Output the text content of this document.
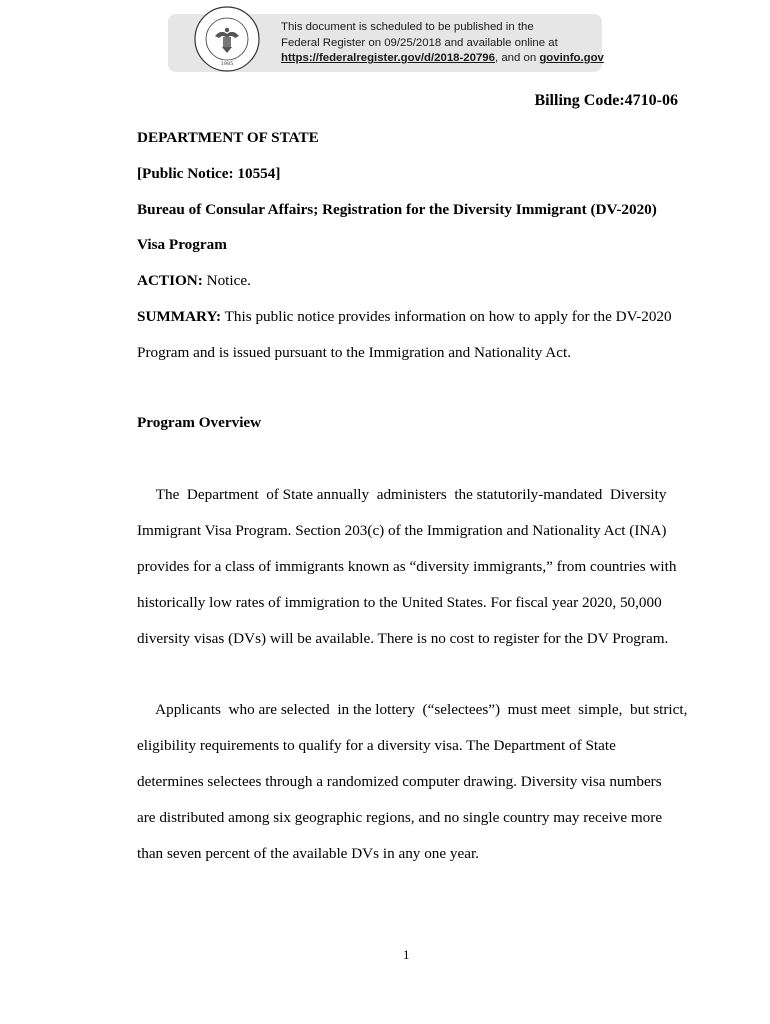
1985
This document is scheduled to be published in the
Federal Register on 09/25/2018 and available online at
https://federalregister.gov/d/2018-20796, and on govinfo.gov
Billing Code:4710-06
DEPARTMENT OF STATE
[Public Notice: 10554]
Bureau of Consular Affairs; Registration for the Diversity Immigrant (DV-2020)
Visa Program
ACTION: Notice.
SUMMARY: This public notice provides information on how to apply for the DV-2020
Program and is issued pursuant to the Immigration and Nationality Act.
Program Overview
The  Department  of State annually  administers  the statutorily-mandated  Diversity
Immigrant Visa Program. Section 203(c) of the Immigration and Nationality Act (INA)
provides for a class of immigrants known as “diversity immigrants,” from countries with
historically low rates of immigration to the United States. For fiscal year 2020, 50,000
diversity visas (DVs) will be available. There is no cost to register for the DV Program.
Applicants  who are selected  in the lottery  (“selectees”)  must meet  simple,  but strict,
eligibility requirements to qualify for a diversity visa. The Department of State
determines selectees through a randomized computer drawing. Diversity visa numbers
are distributed among six geographic regions, and no single country may receive more
than seven percent of the available DVs in any one year.
1
